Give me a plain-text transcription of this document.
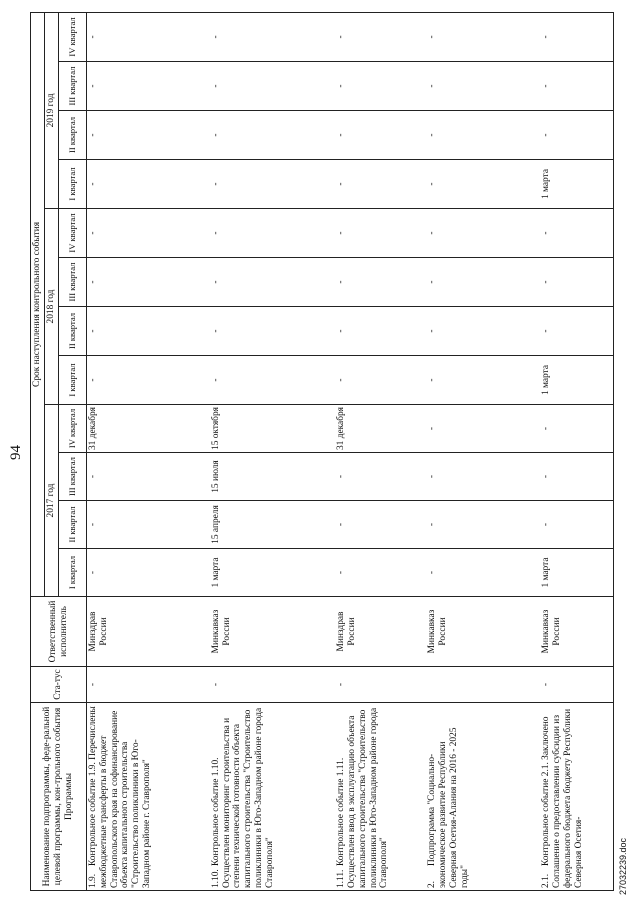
94
Наименование подпрограммы, феде-ральной целевой программы, кон-трольного события Программы	Ста-тус	Ответственный исполнитель	Срок наступления контрольного события											
			2017 год				2018 год				2019 год			
			I квартал	II квартал	III квартал	IV квартал	I квартал	II квартал	III квартал	IV квартал	I квартал	II квартал	III квартал	IV квартал
1.9.Контрольное событие 1.9. Перечислены межбюджетные трансферты в бюджет Ставропольского края на софинансирование объекта капитального строительства "Строительство поликлиники в Юго-Западном районе г. Ставрополя"	-	Минздрав России	-	-	-	31 декабря	-	-	-	-	-	-	-	-
1.10.Контрольное событие 1.10. Осуществлен мониторинг строительства и степени технической готовности объекта капитального строительства "Строительство поликлиники в Юго-Западном районе города Ставрополя"	-	Минкавказ России	1 марта	15 апреля	15 июля	15 октября	-	-	-	-	-	-	-	-
1.11.Контрольное событие 1.11. Осуществлен ввод в эксплуатацию объекта капитального строительства "Строительство поликлиники в Юго-Западном районе города Ставрополя"	-	Минздрав России	-	-	-	31 декабря	-	-	-	-	-	-	-	-
2.Подпрограмма "Социально-экономическое развитие Республики Северная Осетия-Алания на 2016 - 2025 годы"		Минкавказ России	-	-	-	-	-	-	-	-	-	-	-	-
2.1.Контрольное событие 2.1. Заключено Соглашение о предоставлении субсидии из федерального бюджета бюджету Республики Северная Осетия-	-	Минкавказ России	1 марта	-	-	-	1 марта	-	-	-	1 марта	-	-	-
27032239.doc
